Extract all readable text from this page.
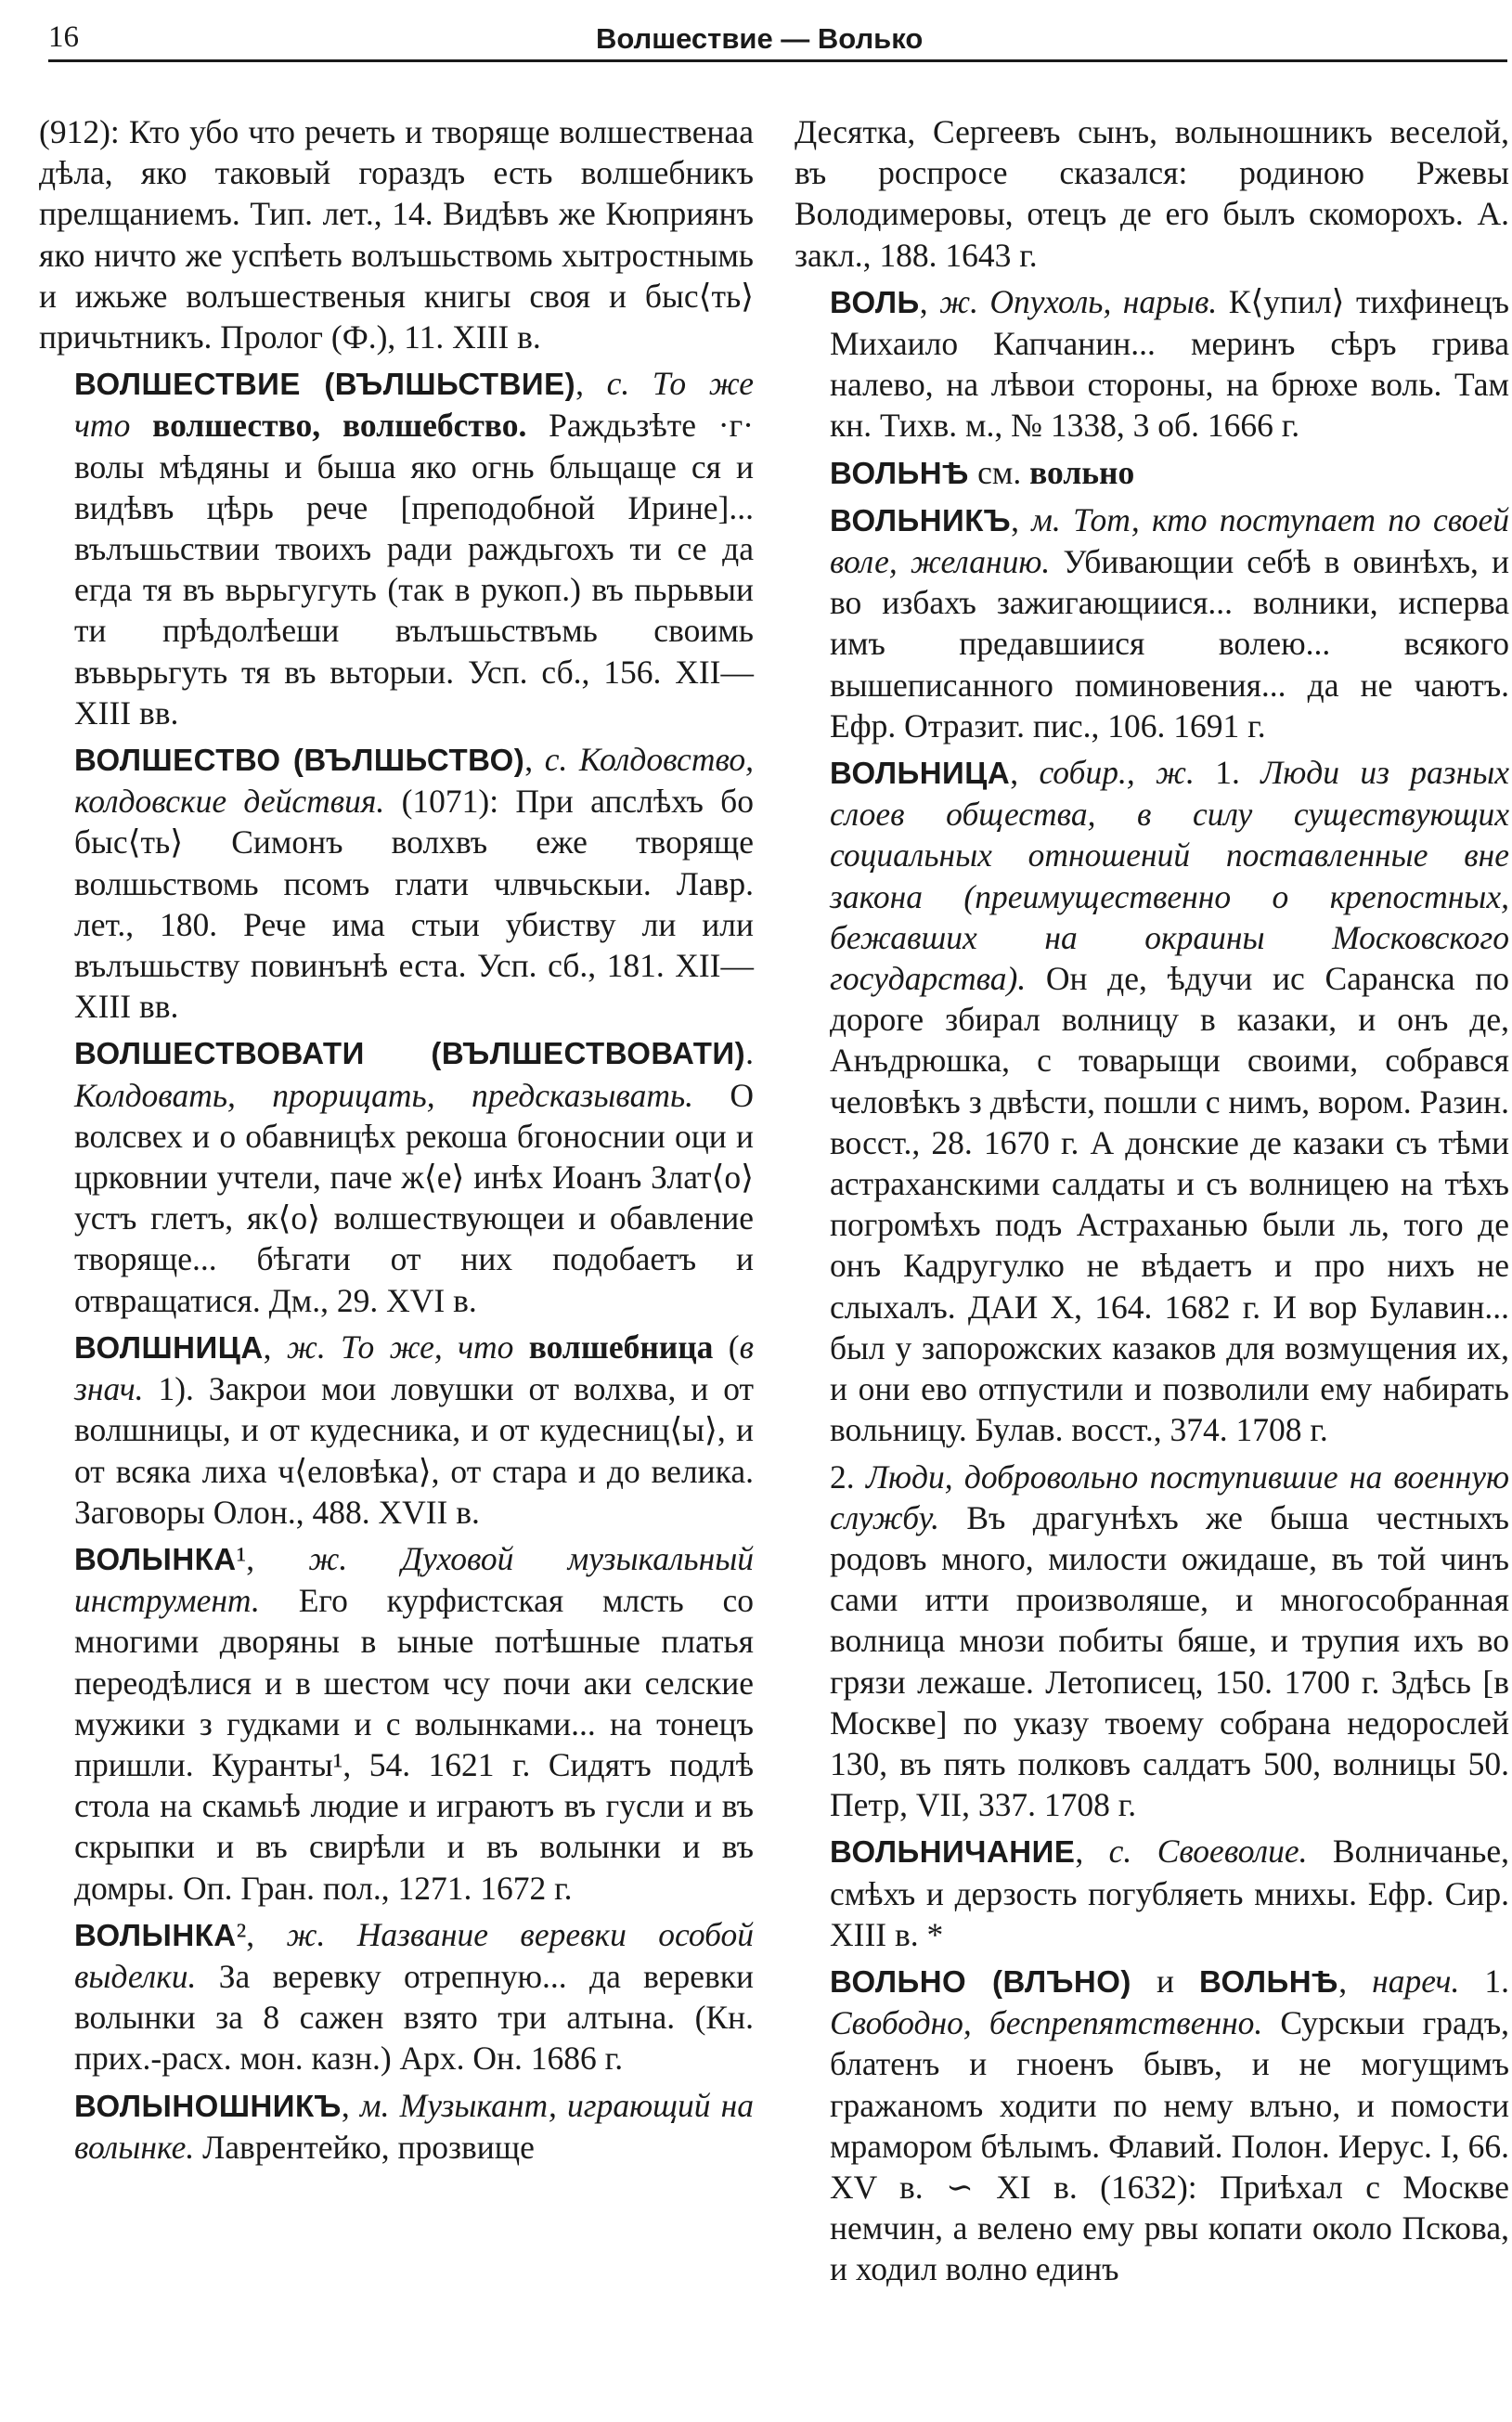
16	Волшествие — Волько

(912): Кто убо что речеть и творяще волшественаа дѣла, яко таковый гораздъ есть волшебникъ прелщаниемъ. Тип. лет., 14. Видѣвъ же Кюприянъ яко ничто же успѣеть волъшьствомь хытростнымь и ижьже волъшественыя книгы своя и быс⟨ть⟩ причьтникъ. Пролог (Ф.), 11. XIII в.

ВОЛШЕСТВИЕ (ВЪЛШЬСТВИЕ), с. То же что волшество, волшебство. Раждьзѣте ·г· волы мѣдяны и быша яко огнь бльщаще ся и видѣвъ цѣрь рече [преподобной Ирине]... вълъшьствии твоихъ ради раждьгохъ ти се да егда тя въ вьрьгугуть (так в рукоп.) въ пьрьвыи ти прѣдолѣеши вълъшьствъмь своимь въвьрьгуть тя въ вьторыи. Усп. сб., 156. XII—XIII вв.

ВОЛШЕСТВО (ВЪЛШЬСТВО), с. Колдовство, колдовские действия. (1071): При апслѣхъ бо быс⟨ть⟩ Симонъ волхвъ еже творяще волшьствомь псомъ глати члвчьскыи. Лавр. лет., 180. Рече има стыи убиству ли или вълъшьству повинънѣ еста. Усп. сб., 181. XII—XIII вв.

ВОЛШЕСТВОВАТИ (ВЪЛШЕСТВОВАТИ). Колдовать, прорицать, предсказывать. О волсвех и о обавницѣх рекоша бгоноснии оци и црковнии учтели, паче ж⟨е⟩ инѣх Иоанъ Злат⟨о⟩устъ глетъ, як⟨о⟩ волшествующеи и обавление творяще... бѣгати от них подобаетъ и отвращатися. Дм., 29. XVI в.

ВОЛШНИЦА, ж. То же, что волшебница (в знач. 1). Закрои мои ловушки от волхва, и от волшницы, и от кудесника, и от кудесниц⟨ы⟩, и от всяка лиха ч⟨еловѣка⟩, от стара и до велика. Заговоры Олон., 488. XVII в.

ВОЛЫНКА¹, ж. Духовой музыкальный инструмент. Его курфистская млсть со многими дворяны в ыные потѣшные платья переодѣлися и в шестом чсу почи аки селские мужики з гудками и с волынками... на тонецъ пришли. Куранты¹, 54. 1621 г. Сидятъ подлѣ стола на скамьѣ людие и играютъ въ гусли и въ скрыпки и въ свирѣли и въ волынки и въ домры. Оп. Гран. пол., 1271. 1672 г.

ВОЛЫНКА², ж. Название веревки особой выделки. За веревку отрепную... да веревки волынки за 8 сажен взято три алтына. (Кн. прих.-расх. мон. казн.) Арх. Он. 1686 г.

ВОЛЫНОШНИКЪ, м. Музыкант, играющий на волынке. Лаврентейко, прозвище

Десятка, Сергеевъ сынъ, волыношникъ веселой, въ роспросе сказался: родиною Ржевы Володимеровы, отецъ де его былъ скоморохъ. А. закл., 188. 1643 г.

ВОЛЬ, ж. Опухоль, нарыв. К⟨упил⟩ тихфинецъ Михаило Капчанин... меринъ сѣръ грива налево, на лѣвои стороны, на брюхе воль. Там кн. Тихв. м., № 1338, 3 об. 1666 г.

ВОЛЬНѢ см. вольно

ВОЛЬНИКЪ, м. Тот, кто поступает по своей воле, желанию. Убивающии себѣ в овинѣхъ, и во избахъ зажигающиися... волники, исперва имъ предавшиися волею... всякого вышеписанного поминовения... да не чаютъ. Ефр. Отразит. пис., 106. 1691 г.

ВОЛЬНИЦА, собир., ж. 1. Люди из разных слоев общества, в силу существующих социальных отношений поставленные вне закона (преимущественно о крепостных, бежавших на окраины Московского государства). Он де, ѣдучи ис Саранска по дороге збирал волницу в казаки, и онъ де, Анъдрюшка, с товарыщи своими, собрався человѣкъ з двѣсти, пошли с нимъ, вором. Разин. восст., 28. 1670 г. А донские де казаки съ тѣми астраханскими салдаты и съ волницею на тѣхъ погромѣхъ подъ Астраханью были ль, того де онъ Кадругулко не вѣдаетъ и про нихъ не слыхалъ. ДАИ X, 164. 1682 г. И вор Булавин... был у запорожских казаков для возмущения их, и они ево отпустили и позволили ему набирать вольницу. Булав. восст., 374. 1708 г.

2. Люди, добровольно поступившие на военную службу. Въ драгунѣхъ же быша честныхъ родовъ много, милости ожидаше, въ той чинъ сами итти произволяше, и многособранная волница мнози побиты бяше, и трупия ихъ во грязи лежаше. Летописец, 150. 1700 г. Здѣсь [в Москве] по указу твоему собрана недорослей 130, въ пять полковъ салдатъ 500, волницы 50. Петр, VII, 337. 1708 г.

ВОЛЬНИЧАНИЕ, с. Своеволие. Волничанье, смѣхъ и дерзость погубляеть мнихы. Ефр. Сир. XIII в. *

ВОЛЬНО (ВЛЪНО) и ВОЛЬНѢ, нареч. 1. Свободно, беспрепятственно. Сурскыи градъ, блатенъ и гноенъ бывъ, и не могущимъ гражаномъ ходити по нему влъно, и помости мрамором бѣлымъ. Флавий. Полон. Иерус. I, 66. XV в. ∽ XI в. (1632): Приѣхал с Москве немчин, а велено ему рвы копати около Пскова, и ходил волно единъ
